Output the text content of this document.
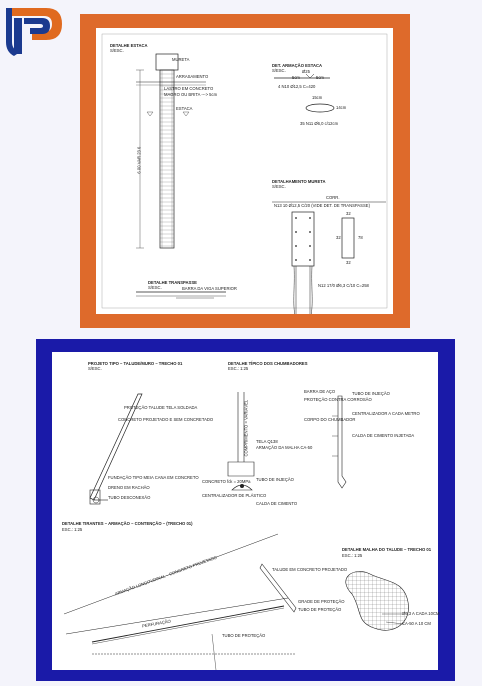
DETALHE ESTACA
S/ESC.
MURETA
ARRASAMENTO
LASTRO EM CONCRETO
MAGRO OU BRITA ---> 5cm
ESTACA
6 00 VAR 23 6
DET. ARMAÇÃO ESTACA
S/ESC.	Ø25
5cm	5cm
4 N10 Ø12,5 C=420
15cm
14cm
35 N11 Ø6,0 c/12cm
DETALHAMENTO MURETA
S/ESC.
CORR.
N13 10 Ø12,5 C/20 (VIDE DET. DE TRANSPASSE)
32
32
32
78
N12 17/0 Ø6,3 C/10 C=258
DETALHE TRANSPASSE
S/ESC.	BARRA DA VIGA SUPERIOR
PROJETO TIPO – TALUDE/MURO – TRECHO 01
S/ESC.
PROTEÇÃO TALUDE TELA SOLDADA
CONCRETO PROJETADO E SEM CONCRETADO
FUNDAÇÃO TIPO MEIA CANA EM CONCRETO
DRENO EM RACHÃO
TUBO DESCONEXÃO
DETALHE TÍPICO DOS CHUMBADORES
ESC.: 1:25
COMPRIMENTO = VARIÁVEL TELA Q138
ARMAÇÃO DA MALHA CA-50
CONCRETO fck = 20MPa
CENTRALIZADOR DE PLÁSTICO
TUBO DE INJEÇÃO
CALDA DE CIMENTO
BARRA DE AÇO
PROTEÇÃO CONTRA CORROSÃO
CORPO DO CHUMBADOR
TUBO DE INJEÇÃO
CENTRALIZADOR A CADA METRO
CALDA DE CIMENTO INJETADA
DETALHE TIRANTES – ARMAÇÃO – CONTENÇÃO – (TRECHO 01)
ESC.: 1:25
ARMAÇÃO LONGITUDINAL – CONCRETO PROJETADO	TALUDE EM CONCRETO PROJETADO
GRADE DE PROTEÇÃO
TUBO DE PROTEÇÃO
PERFURAÇÃO
TUBO DE PROTEÇÃO
DETALHE MALHA DO TALUDE – TRECHO 01
ESC.: 1:25
Ø6,3 A CADA 10CM
CA-50 A 10 CM
